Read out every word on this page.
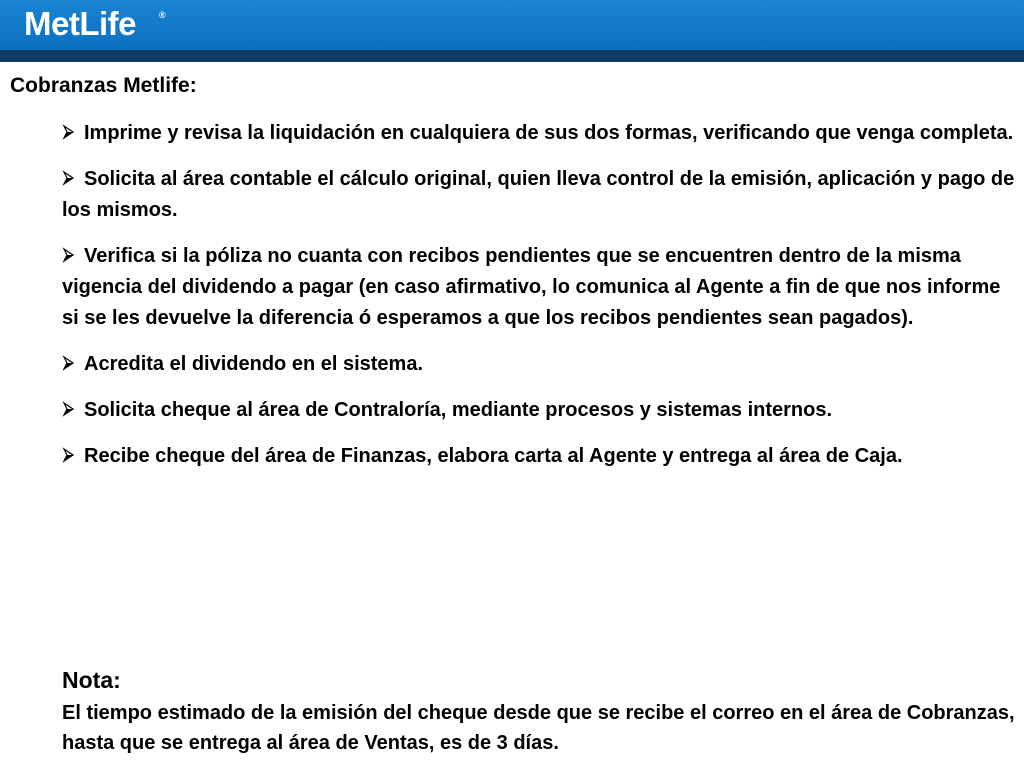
MetLife	®
Cobranzas Metlife:
Imprime y revisa la liquidación en cualquiera de sus dos formas, verificando que venga completa.
Solicita al área contable el cálculo original, quien lleva control de la emisión, aplicación y pago de los mismos.
Verifica si la póliza no cuanta con recibos pendientes que se encuentren dentro de la misma vigencia del dividendo a pagar (en caso afirmativo, lo comunica al Agente a fin de que nos informe si se les devuelve la diferencia ó esperamos a que los recibos pendientes sean pagados).
Acredita el dividendo en el sistema.
Solicita cheque al área de Contraloría, mediante procesos y sistemas internos.
Recibe cheque del área de Finanzas, elabora carta al Agente y entrega al área de Caja.
Nota:

El tiempo estimado de la emisión del cheque desde que se recibe el correo en el área de Cobranzas, hasta que se entrega al área de Ventas, es de 3 días.
